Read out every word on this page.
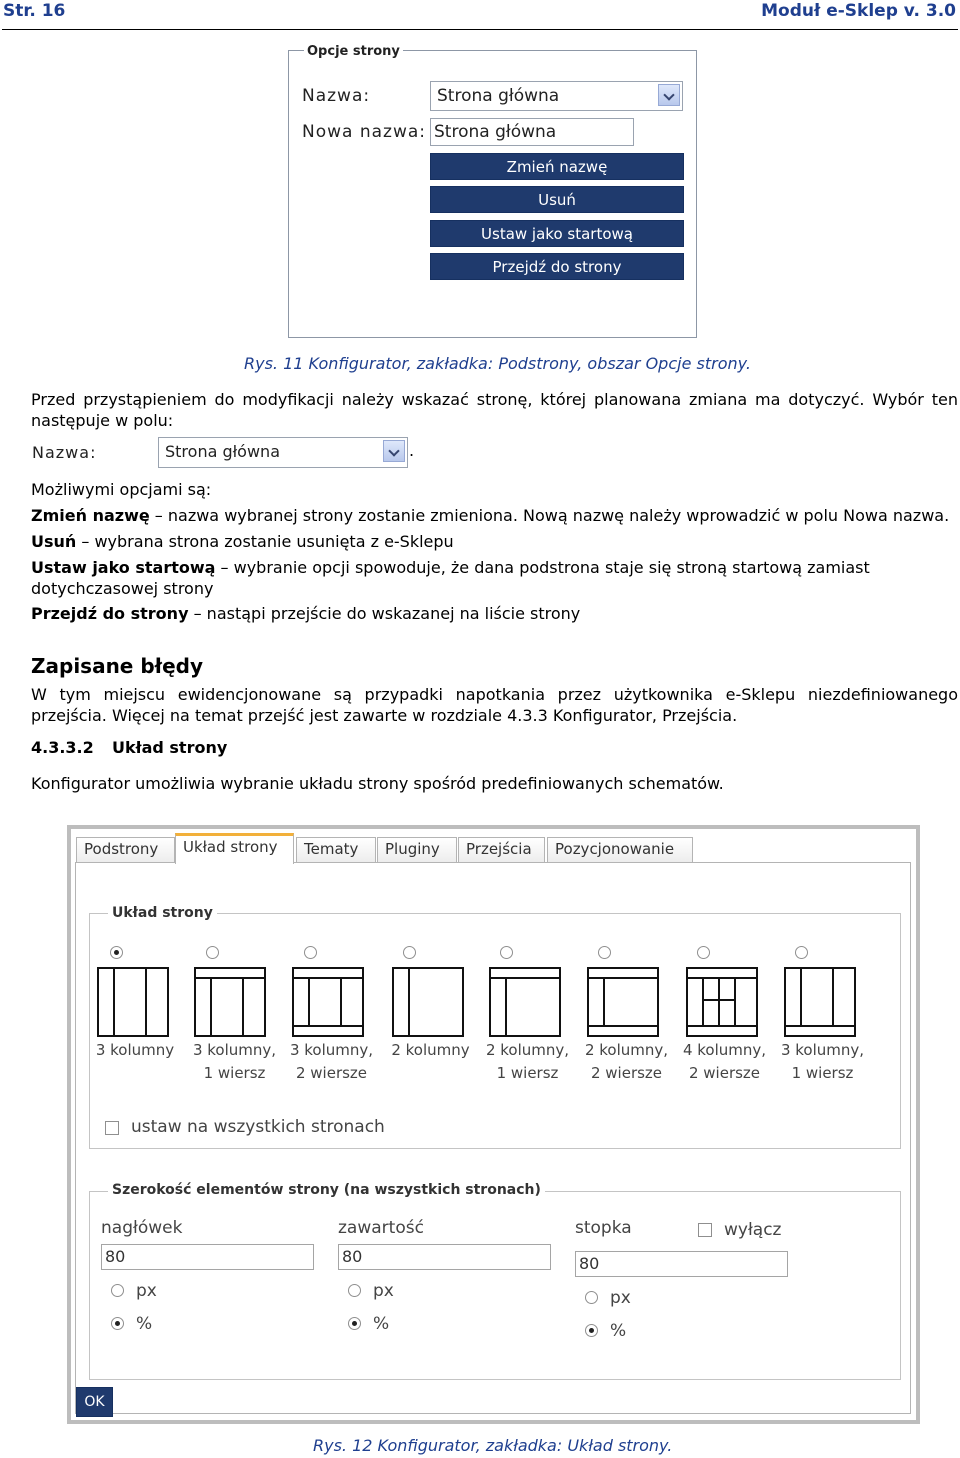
Str. 16	Moduł e-Sklep v. 3.0
Opcje strony
Nazwa:	Strona główna
Nowa nazwa: Strona główna
Zmień nazwę
Usuń
Ustaw jako startową
Przejdź do strony
Rys. 11 Konfigurator, zakładka: Podstrony, obszar Opcje strony.
Przed przystąpieniem do modyfikacji należy wskazać stronę, której planowana zmiana ma dotyczyć. Wybór ten następuje w polu:
Nazwa:	Strona główna	.
Możliwymi opcjami są:
Zmień nazwę – nazwa wybranej strony zostanie zmieniona. Nową nazwę należy wprowadzić w polu Nowa nazwa.
Usuń – wybrana strona zostanie usunięta z e-Sklepu
Ustaw jako startową – wybranie opcji spowoduje, że dana podstrona staje się stroną startową zamiast dotychczasowej strony
Przejdź do strony – nastąpi przejście do wskazanej na liście strony
Zapisane błędy
W tym miejscu ewidencjonowane są przypadki napotkania przez użytkownika e-Sklepu niezdefiniowanego przejścia. Więcej na temat przejść jest zawarte w rozdziale 4.3.3 Konfigurator, Przejścia.
4.3.3.2 Układ strony
Konfigurator umożliwia wybranie układu strony spośród predefiniowanych schematów.
Podstrony	Układ strony	Tematy	Pluginy	Przejścia	Pozycjonowanie
Układ strony
3 kolumny	3 kolumny,
1 wiersz
3 kolumny,
2 wiersze
2 kolumny	2 kolumny,
1 wiersz
2 kolumny,
2 wiersze
4 kolumny,
2 wiersze
3 kolumny,
1 wiersz
ustaw na wszystkich stronach
Szerokość elementów strony (na wszystkich stronach)
nagłówek
80
px
%
zawartość
80
px
%
stopka	wyłącz
80
px
%
OK
Rys. 12 Konfigurator, zakładka: Układ strony.
